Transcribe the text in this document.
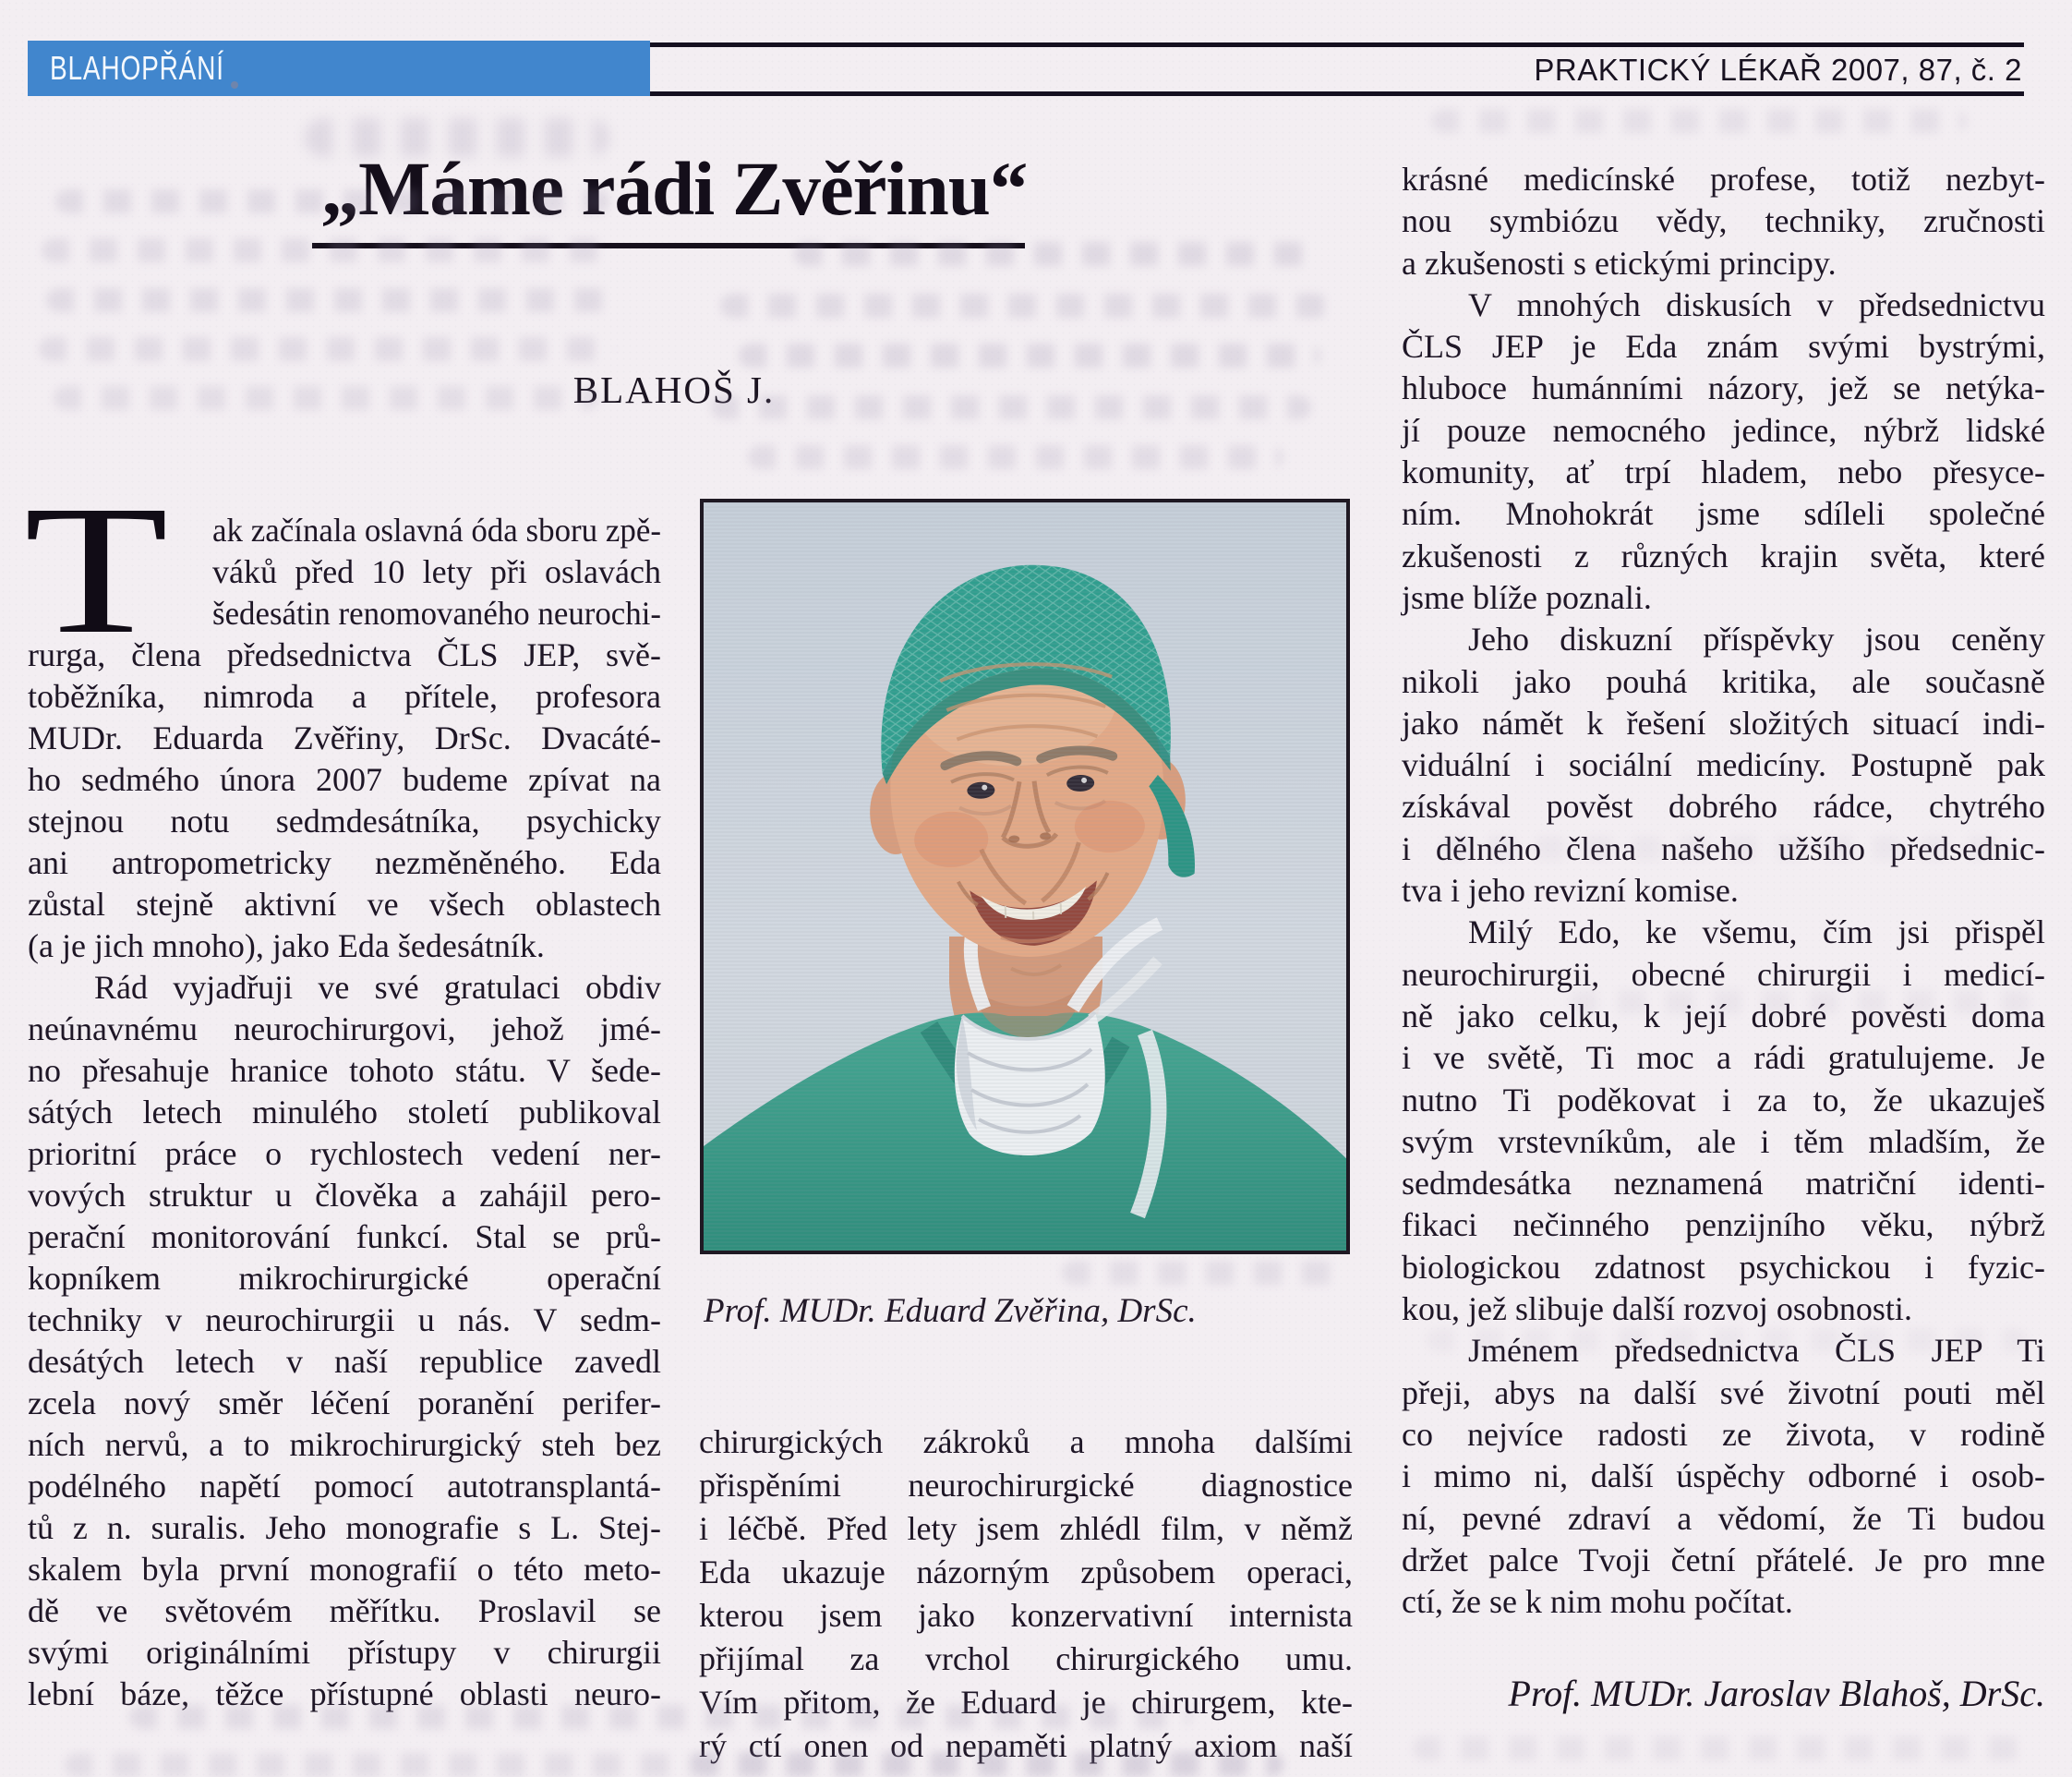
BLAHOPŘÁNÍ	PRAKTICKÝ LÉKAŘ 2007, 87, č. 2
„Máme rádi Zvěřinu“
BLAHOŠ J.
Prof. MUDr. Eduard Zvěřina, DrSc.
T ak začínala oslavná óda sboru zpě-
váků před 10 lety při oslavách
šedesátin renomovaného neurochi-
rurga, člena předsednictva ČLS JEP, svě-
toběžníka, nimroda a přítele, profesora
MUDr. Eduarda Zvěřiny, DrSc. Dvacáté-
ho sedmého února 2007 budeme zpívat na
stejnou notu sedmdesátníka, psychicky
ani antropometricky nezměněného. Eda
zůstal stejně aktivní ve všech oblastech
(a je jich mnoho), jako Eda šedesátník.
Rád vyjadřuji ve své gratulaci obdiv
neúnavnému neurochirurgovi, jehož jmé-
no přesahuje hranice tohoto státu. V šede-
sátých letech minulého století publikoval
prioritní práce o rychlostech vedení ner-
vových struktur u člověka a zahájil pero-
perační monitorování funkcí. Stal se prů-
kopníkem mikrochirurgické operační
techniky v neurochirurgii u nás. V sedm-
desátých letech v naší republice zavedl
zcela nový směr léčení poranění perifer-
ních nervů, a to mikrochirurgický steh bez
podélného napětí pomocí autotransplantá-
tů z n. suralis. Jeho monografie s L. Stej-
skalem byla první monografií o této meto-
dě ve světovém měřítku. Proslavil se
svými originálními přístupy v chirurgii
lební báze, těžce přístupné oblasti neuro-
chirurgických zákroků a mnoha dalšími
přispěními neurochirurgické diagnostice
i léčbě. Před lety jsem zhlédl film, v němž
Eda ukazuje názorným způsobem operaci,
kterou jsem jako konzervativní internista
přijímal za vrchol chirurgického umu.
Vím přitom, že Eduard je chirurgem, kte-
rý ctí onen od nepaměti platný axiom naší
krásné medicínské profese, totiž nezbyt-
nou symbiózu vědy, techniky, zručnosti
a zkušenosti s etickými principy.
V mnohých diskusích v předsednictvu
ČLS JEP je Eda znám svými bystrými,
hluboce humánními názory, jež se netýka-
jí pouze nemocného jedince, nýbrž lidské
komunity, ať trpí hladem, nebo přesyce-
ním. Mnohokrát jsme sdíleli společné
zkušenosti z různých krajin světa, které
jsme blíže poznali.
Jeho diskuzní příspěvky jsou ceněny
nikoli jako pouhá kritika, ale současně
jako námět k řešení složitých situací indi-
viduální i sociální medicíny. Postupně pak
získával pověst dobrého rádce, chytrého
i dělného člena našeho užšího předsednic-
tva i jeho revizní komise.
Milý Edo, ke všemu, čím jsi přispěl
neurochirurgii, obecné chirurgii i medicí-
ně jako celku, k její dobré pověsti doma
i ve světě, Ti moc a rádi gratulujeme. Je
nutno Ti poděkovat i za to, že ukazuješ
svým vrstevníkům, ale i těm mladším, že
sedmdesátka neznamená matriční identi-
fikaci nečinného penzijního věku, nýbrž
biologickou zdatnost psychickou i fyzic-
kou, jež slibuje další rozvoj osobnosti.
Jménem předsednictva ČLS JEP Ti
přeji, abys na další své životní pouti měl
co nejvíce radosti ze života, v rodině
i mimo ni, další úspěchy odborné i osob-
ní, pevné zdraví a vědomí, že Ti budou
držet palce Tvoji četní přátelé. Je pro mne
ctí, že se k nim mohu počítat.
Prof. MUDr. Jaroslav Blahoš, DrSc.
